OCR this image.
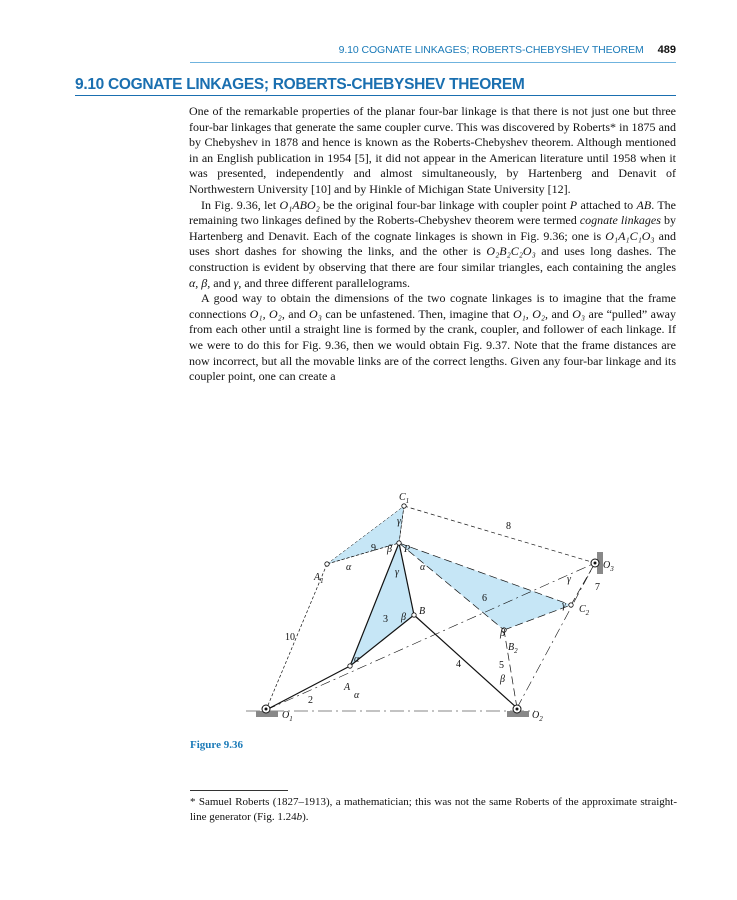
9.10 COGNATE LINKAGES; ROBERTS-CHEBYSHEV THEOREM 489
9.10 COGNATE LINKAGES; ROBERTS-CHEBYSHEV THEOREM

One of the remarkable properties of the planar four-bar linkage is that there is not just one but three four-bar linkages that generate the same coupler curve. This was discovered by Roberts* in 1875 and by Chebyshev in 1878 and hence is known as the Roberts-Chebyshev theorem. Although mentioned in an English publication in 1954 [5], it did not appear in the American literature until 1958 when it was presented, independently and almost simultaneously, by Hartenberg and Denavit of Northwestern University [10] and by Hinkle of Michigan State University [12].

In Fig. 9.36, let O₁ABO₂ be the original four-bar linkage with coupler point P attached to AB. The remaining two linkages defined by the Roberts-Chebyshev theorem were termed cognate linkages by Hartenberg and Denavit. Each of the cognate linkages is shown in Fig. 9.36; one is O₁A₁C₁O₃ and uses short dashes for showing the links, and the other is O₂B₂C₂O₃ and uses long dashes. The construction is evident by observing that there are four similar triangles, each containing the angles α, β, and γ, and three different parallelograms.

A good way to obtain the dimensions of the two cognate linkages is to imagine that the frame connections O₁, O₂, and O₃ can be unfastened. Then, imagine that O₁, O₂, and O₃ are “pulled” away from each other until a straight line is formed by the crank, coupler, and follower of each linkage. If we were to do this for Fig. 9.36, then we would obtain Fig. 9.37. Note that the frame distances are now incorrect, but all the movable links are of the correct lengths. Given any four-bar linkage and its coupler point, one can create a

$C_1$
$O_3$
$A_1$
$C_2$
$B_2$
$O_1$	$O_2$
P
A
B
2
3
4	5
6
7
8
9
10
α
α
α	α
β
β
β
β
γ
γ
γ
γ
Figure 9.36
* Samuel Roberts (1827–1913), a mathematician; this was not the same Roberts of the approximate straight-line generator (Fig. 1.24b).
